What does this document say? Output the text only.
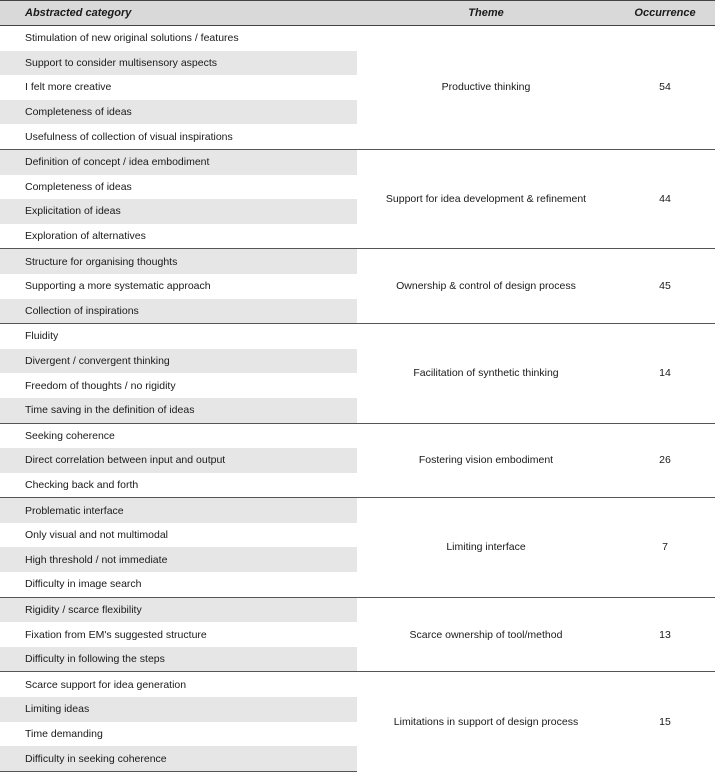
Abstracted category	Theme	Occurrence
Stimulation of new original solutions / features	Productive thinking	54
Support to consider multisensory aspects		
I felt more creative		
Completeness of ideas		
Usefulness of collection of visual inspirations		
Definition of concept / idea embodiment	Support for idea development & refinement	44
Completeness of ideas		
Explicitation of ideas		
Exploration of alternatives		
Structure for organising thoughts	Ownership & control of design process	45
Supporting a more systematic approach		
Collection of inspirations		
Fluidity	Facilitation of synthetic thinking	14
Divergent / convergent thinking		
Freedom of thoughts / no rigidity		
Time saving in the definition of ideas		
Seeking coherence	Fostering vision embodiment	26
Direct correlation between input and output		
Checking back and forth		
Problematic interface	Limiting interface	7
Only visual and not multimodal		
High threshold / not immediate		
Difficulty in image search		
Rigidity / scarce flexibility	Scarce ownership of tool/method	13
Fixation from EM's suggested structure		
Difficulty in following the steps		
Scarce support for idea generation	Limitations in support of design process	15
Limiting ideas		
Time demanding		
Difficulty in seeking coherence		
